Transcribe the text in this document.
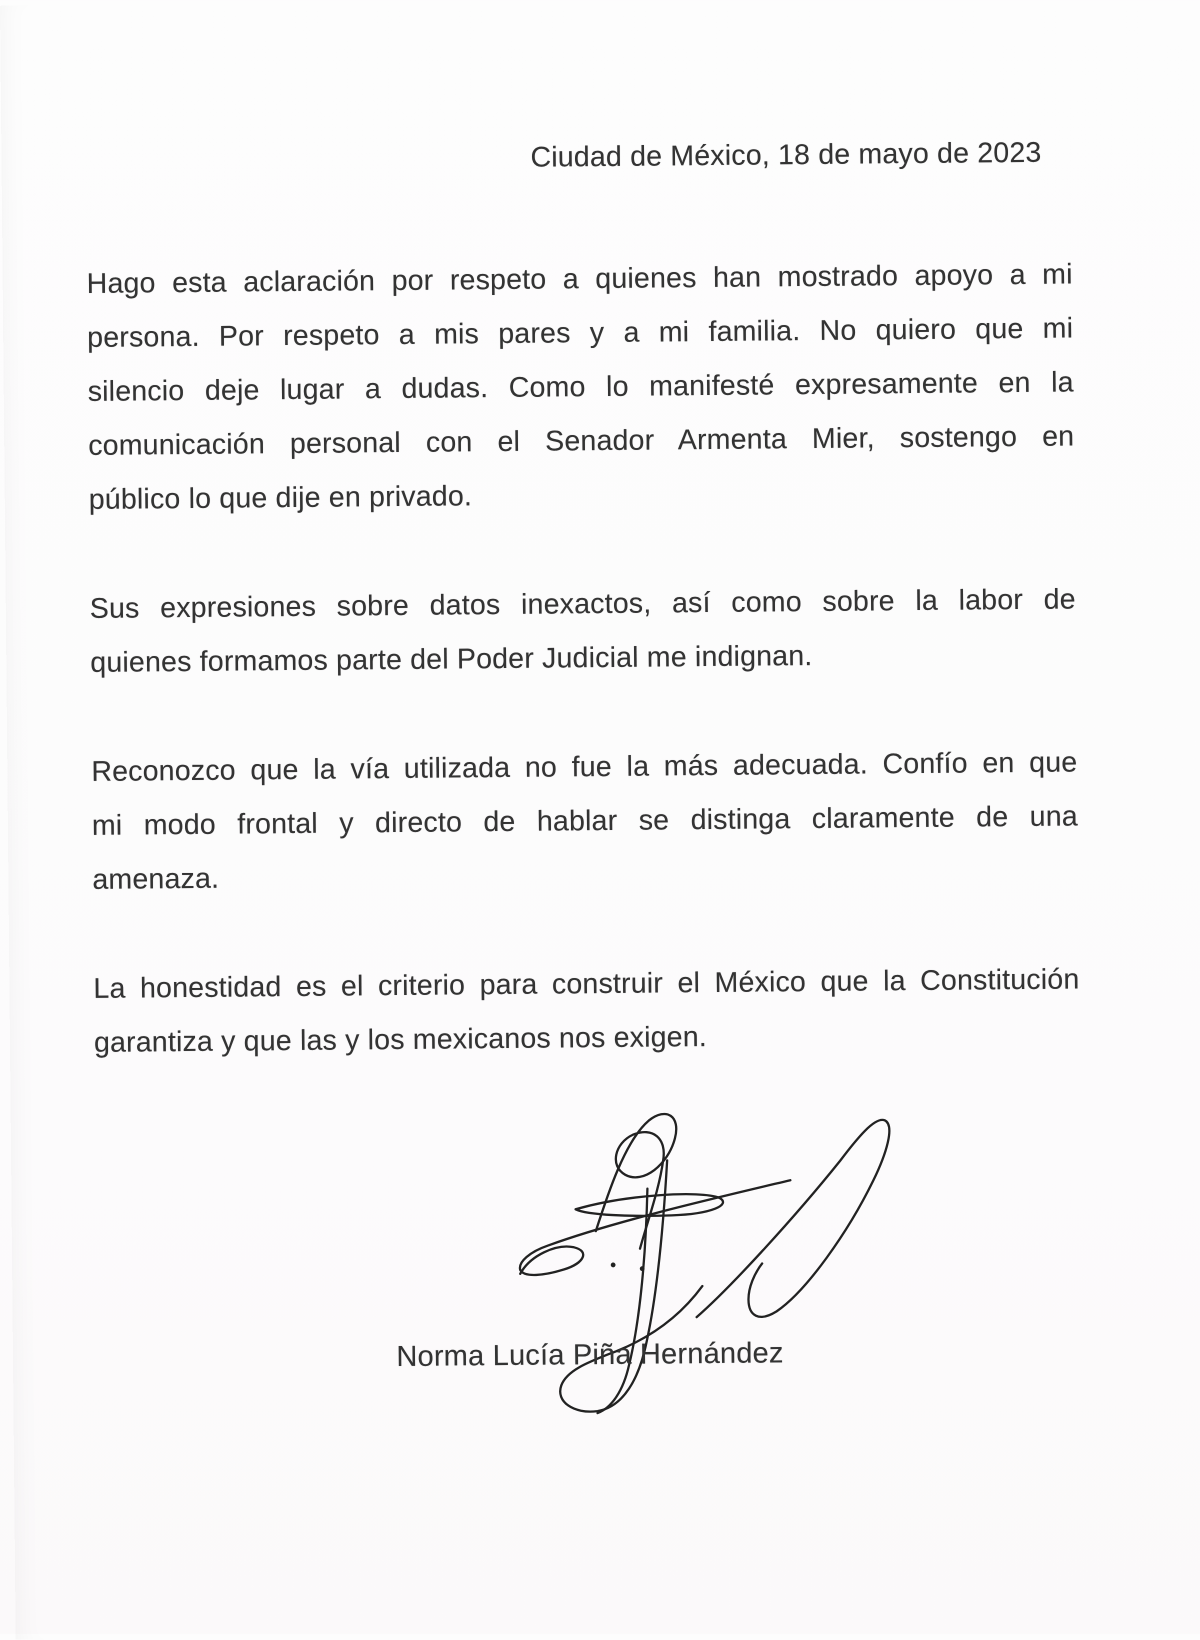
Ciudad de México, 18 de mayo de 2023

Hago esta aclaración por respeto a quienes han mostrado apoyo a mi
persona. Por respeto a mis pares y a mi familia. No quiero que mi
silencio deje lugar a dudas. Como lo manifesté expresamente en la
comunicación personal con el Senador Armenta Mier, sostengo en
público lo que dije en privado.

Sus expresiones sobre datos inexactos, así como sobre la labor de
quienes formamos parte del Poder Judicial me indignan.

Reconozco que la vía utilizada no fue la más adecuada. Confío en que
mi modo frontal y directo de hablar se distinga claramente de una
amenaza.

La honestidad es el criterio para construir el México que la Constitución
garantiza y que las y los mexicanos nos exigen.

Norma Lucía Piña Hernández
